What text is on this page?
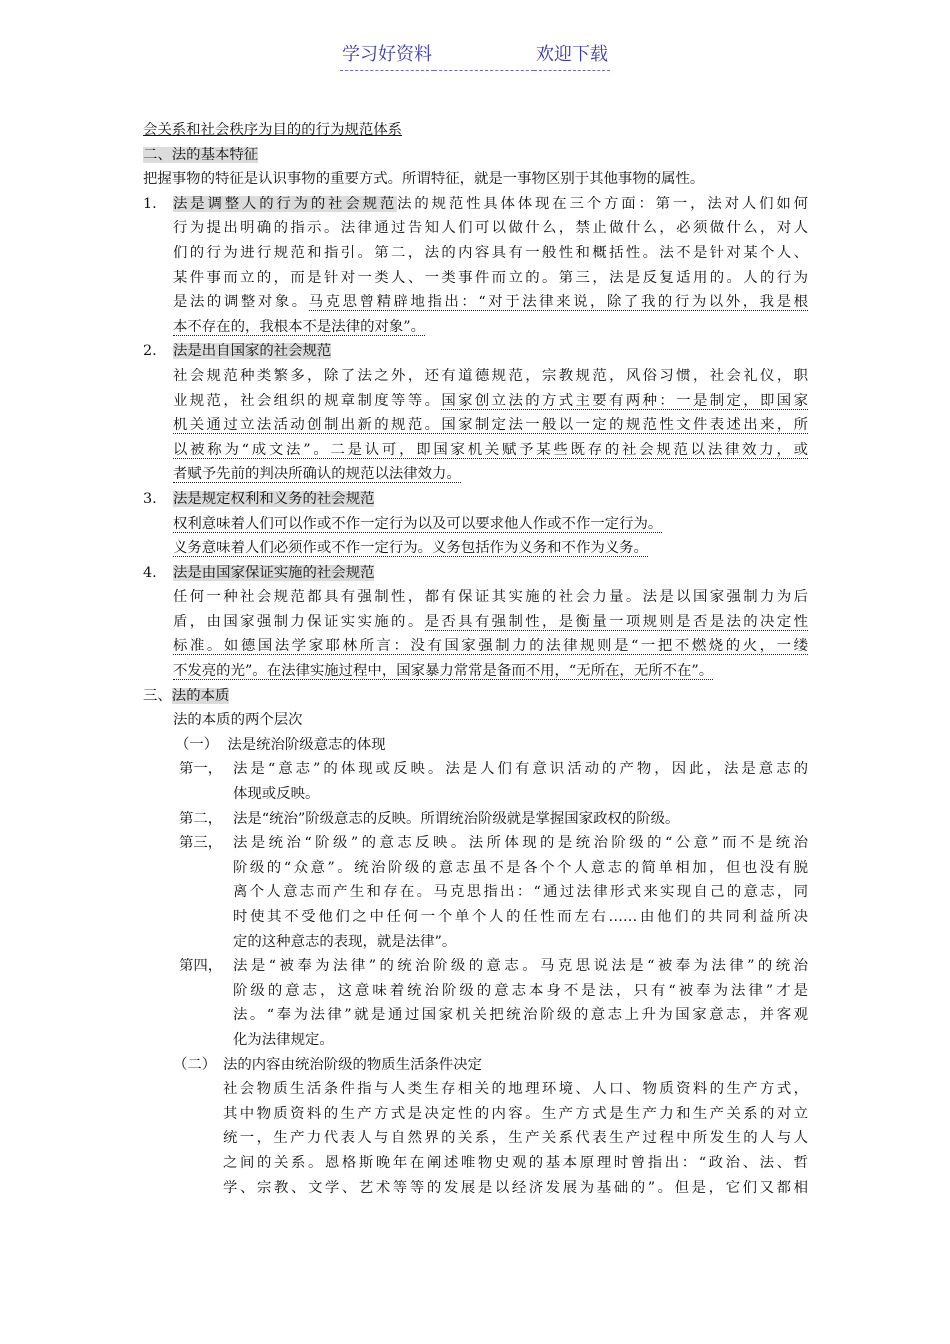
学习好资料	欢迎下载
会关系和社会秩序为目的的行为规范体系
二、法的基本特征
把握事物的特征是认识事物的重要方式。所谓特征，就是一事物区别于其他事物的属性。
1. 法是调整人的行为的社会规范法的规范性具体体现在三个方面：第一，法对人们如何
行为提出明确的指示。法律通过告知人们可以做什么，禁止做什么，必须做什么，对人
们的行为进行规范和指引。第二，法的内容具有一般性和概括性。法不是针对某个人、
某件事而立的，而是针对一类人、一类事件而立的。第三，法是反复适用的。人的行为
是法的调整对象。马克思曾精辟地指出：“对于法律来说，除了我的行为以外，我是根
本不存在的，我根本不是法律的对象”。
2. 法是出自国家的社会规范
社会规范种类繁多，除了法之外，还有道德规范，宗教规范，风俗习惯，社会礼仪，职
业规范，社会组织的规章制度等等。国家创立法的方式主要有两种：一是制定，即国家
机关通过立法活动创制出新的规范。国家制定法一般以一定的规范性文件表述出来，所
以被称为“成文法”。二是认可，即国家机关赋予某些既存的社会规范以法律效力，或
者赋予先前的判决所确认的规范以法律效力。
3. 法是规定权利和义务的社会规范
权利意味着人们可以作或不作一定行为以及可以要求他人作或不作一定行为。
义务意味着人们必须作或不作一定行为。义务包括作为义务和不作为义务。
4. 法是由国家保证实施的社会规范
任何一种社会规范都具有强制性，都有保证其实施的社会力量。法是以国家强制力为后
盾，由国家强制力保证实实施的。是否具有强制性，是衡量一项规则是否是法的决定性
标准。如德国法学家耶林所言：没有国家强制力的法律规则是“一把不燃烧的火，一缕
不发亮的光”。在法律实施过程中，国家暴力常常是备而不用，“无所在，无所不在”。
三、法的本质
法的本质的两个层次
（一） 法是统治阶级意志的体现
第一， 法是“意志”的体现或反映。法是人们有意识活动的产物，因此，法是意志的
体现或反映。
第二， 法是“统治”阶级意志的反映。所谓统治阶级就是掌握国家政权的阶级。
第三， 法是统治“阶级”的意志反映。法所体现的是统治阶级的“公意”而不是统治
阶级的“众意”。统治阶级的意志虽不是各个个人意志的简单相加，但也没有脱
离个人意志而产生和存在。马克思指出：“通过法律形式来实现自己的意志，同
时使其不受他们之中任何一个单个人的任性而左右……由他们的共同利益所决
定的这种意志的表现，就是法律”。
第四， 法是“被奉为法律”的统治阶级的意志。马克思说法是“被奉为法律”的统治
阶级的意志，这意味着统治阶级的意志本身不是法，只有“被奉为法律”才是
法。“奉为法律”就是通过国家机关把统治阶级的意志上升为国家意志，并客观
化为法律规定。
（二） 法的内容由统治阶级的物质生活条件决定
社会物质生活条件指与人类生存相关的地理环境、人口、物质资料的生产方式，
其中物质资料的生产方式是决定性的内容。生产方式是生产力和生产关系的对立
统一，生产力代表人与自然界的关系，生产关系代表生产过程中所发生的人与人
之间的关系。恩格斯晚年在阐述唯物史观的基本原理时曾指出：“政治、法、哲
学、宗教、文学、艺术等等的发展是以经济发展为基础的”。但是，它们又都相
